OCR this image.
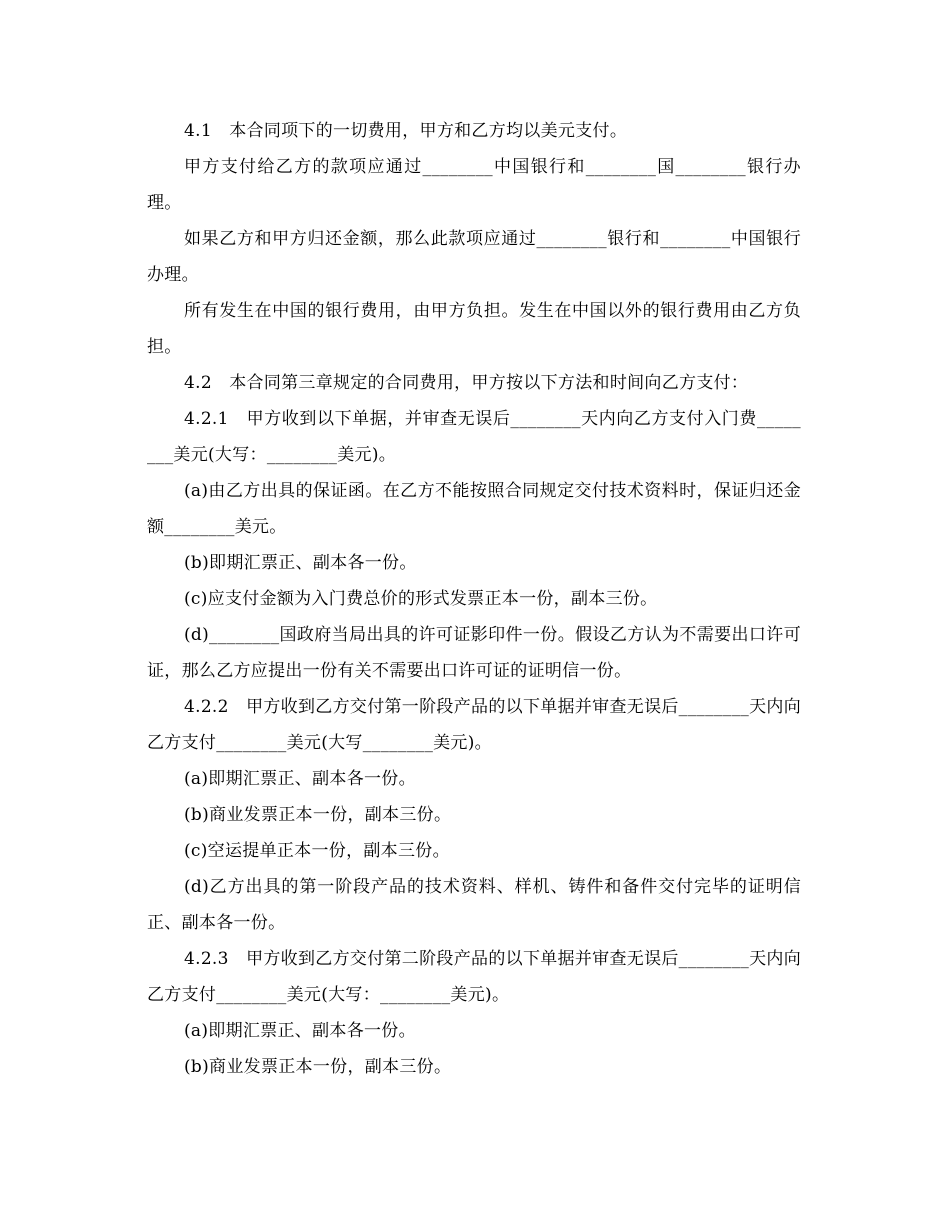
4.1　本合同项下的一切费用，甲方和乙方均以美元支付。

甲方支付给乙方的款项应通过________中国银行和________国________银行办理。

如果乙方和甲方归还金额，那么此款项应通过________银行和________中国银行办理。

所有发生在中国的银行费用，由甲方负担。发生在中国以外的银行费用由乙方负担。

4.2　本合同第三章规定的合同费用，甲方按以下方法和时间向乙方支付：

4.2.1　甲方收到以下单据，并审查无误后________天内向乙方支付入门费________美元(大写：________美元)。

(a)由乙方出具的保证函。在乙方不能按照合同规定交付技术资料时，保证归还金额________美元。

(b)即期汇票正、副本各一份。

(c)应支付金额为入门费总价的形式发票正本一份，副本三份。

(d)________国政府当局出具的许可证影印件一份。假设乙方认为不需要出口许可证，那么乙方应提出一份有关不需要出口许可证的证明信一份。

4.2.2　甲方收到乙方交付第一阶段产品的以下单据并审查无误后________天内向乙方支付________美元(大写________美元)。

(a)即期汇票正、副本各一份。

(b)商业发票正本一份，副本三份。

(c)空运提单正本一份，副本三份。

(d)乙方出具的第一阶段产品的技术资料、样机、铸件和备件交付完毕的证明信正、副本各一份。

4.2.3　甲方收到乙方交付第二阶段产品的以下单据并审查无误后________天内向乙方支付________美元(大写：________美元)。

(a)即期汇票正、副本各一份。

(b)商业发票正本一份，副本三份。
